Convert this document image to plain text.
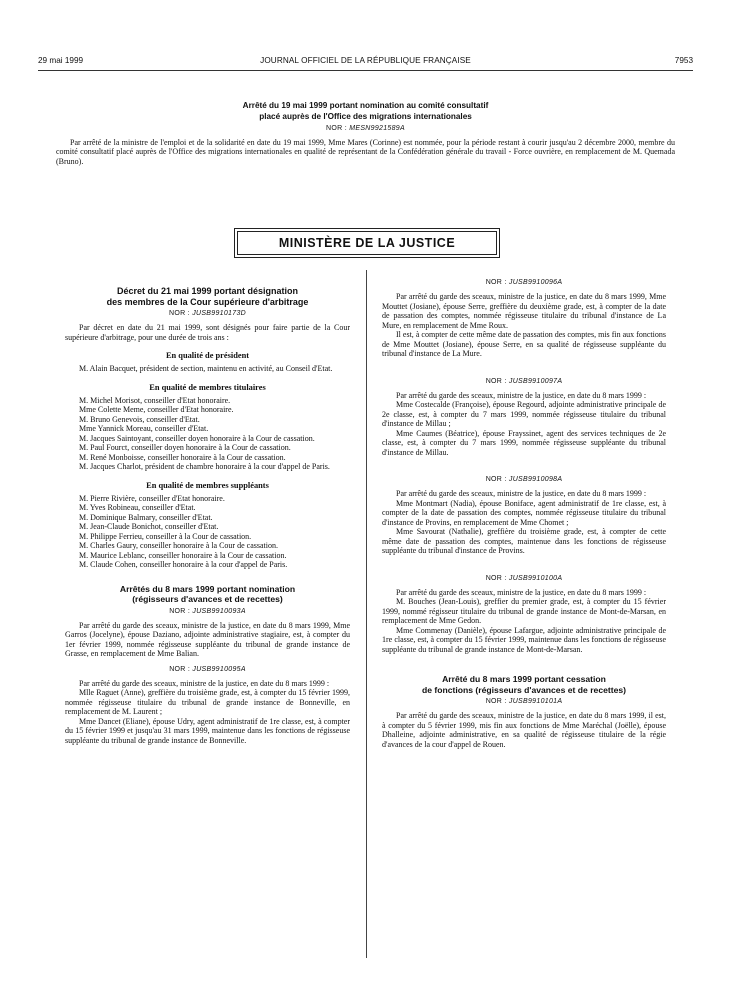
29 mai 1999	JOURNAL OFFICIEL DE LA RÉPUBLIQUE FRANÇAISE	7953

Arrêté du 19 mai 1999 portant nomination au comité consultatif

placé auprès de l'Office des migrations internationales

NOR : MESN9921589A

Par arrêté de la ministre de l'emploi et de la solidarité en date du 19 mai 1999, Mme Mares (Corinne) est nommée, pour la période restant à courir jusqu'au 2 décembre 2000, membre du comité consultatif placé auprès de l'Office des migrations internationales en qualité de représentant de la Confédération générale du travail - Force ouvrière, en remplacement de M. Quemada (Bruno).

MINISTÈRE DE LA JUSTICE

Décret du 21 mai 1999 portant désignation

des membres de la Cour supérieure d'arbitrage

NOR : JUSB9910173D

Par décret en date du 21 mai 1999, sont désignés pour faire partie de la Cour supérieure d'arbitrage, pour une durée de trois ans :

En qualité de président

M. Alain Bacquet, président de section, maintenu en activité, au Conseil d'Etat.

En qualité de membres titulaires

M. Michel Morisot, conseiller d'Etat honoraire.

Mme Colette Meme, conseiller d'Etat honoraire.

M. Bruno Genevois, conseiller d'Etat.

Mme Yannick Moreau, conseiller d'Etat.

M. Jacques Saintoyant, conseiller doyen honoraire à la Cour de cassation.

M. Paul Fourct, conseiller doyen honoraire à la Cour de cassation.

M. René Monboisse, conseiller honoraire à la Cour de cassation.

M. Jacques Charlot, président de chambre honoraire à la cour d'appel de Paris.

En qualité de membres suppléants

M. Pierre Rivière, conseiller d'Etat honoraire.

M. Yves Robineau, conseiller d'Etat.

M. Dominique Balmary, conseiller d'Etat.

M. Jean-Claude Bonichot, conseiller d'Etat.

M. Philippe Ferrieu, conseiller à la Cour de cassation.

M. Charles Gaury, conseiller honoraire à la Cour de cassation.

M. Maurice Leblanc, conseiller honoraire à la Cour de cassation.

M. Claude Cohen, conseiller honoraire à la cour d'appel de Paris.

Arrêtés du 8 mars 1999 portant nomination

(régisseurs d'avances et de recettes)

NOR : JUSB9910093A

Par arrêté du garde des sceaux, ministre de la justice, en date du 8 mars 1999, Mme Garros (Jocelyne), épouse Daziano, adjointe administrative stagiaire, est, à compter du 1er février 1999, nommée régisseuse suppléante du tribunal de grande instance de Grasse, en remplacement de Mme Balian.

NOR : JUSB9910095A

Par arrêté du garde des sceaux, ministre de la justice, en date du 8 mars 1999 :

Mlle Raguet (Anne), greffière du troisième grade, est, à compter du 15 février 1999, nommée régisseuse titulaire du tribunal de grande instance de Bonneville, en remplacement de M. Laurent ;

Mme Dancet (Eliane), épouse Udry, agent administratif de 1re classe, est, à compter du 15 février 1999 et jusqu'au 31 mars 1999, maintenue dans les fonctions de régisseuse suppléante du tribunal de grande instance de Bonneville.

NOR : JUSB9910096A

Par arrêté du garde des sceaux, ministre de la justice, en date du 8 mars 1999, Mme Mouttet (Josiane), épouse Serre, greffière du deuxième grade, est, à compter de la date de passation des comptes, nommée régisseuse titulaire du tribunal d'instance de La Mure, en remplacement de Mme Roux.

Il est, à compter de cette même date de passation des comptes, mis fin aux fonctions de Mme Mouttet (Josiane), épouse Serre, en sa qualité de régisseuse suppléante du tribunal d'instance de La Mure.

NOR : JUSB9910097A

Par arrêté du garde des sceaux, ministre de la justice, en date du 8 mars 1999 :

Mme Costecalde (Françoise), épouse Regourd, adjointe administrative principale de 2e classe, est, à compter du 7 mars 1999, nommée régisseuse titulaire du tribunal d'instance de Millau ;

Mme Caumes (Béatrice), épouse Frayssinet, agent des services techniques de 2e classe, est, à compter du 7 mars 1999, nommée régisseuse suppléante du tribunal d'instance de Millau.

NOR : JUSB9910098A

Par arrêté du garde des sceaux, ministre de la justice, en date du 8 mars 1999 :

Mme Montmart (Nadia), épouse Boniface, agent administratif de 1re classe, est, à compter de la date de passation des comptes, nommée régisseuse titulaire du tribunal d'instance de Provins, en remplacement de Mme Chomet ;

Mme Savourat (Nathalie), greffière du troisième grade, est, à compter de cette même date de passation des comptes, maintenue dans les fonctions de régisseuse suppléante du tribunal d'instance de Provins.

NOR : JUSB9910100A

Par arrêté du garde des sceaux, ministre de la justice, en date du 8 mars 1999 :

M. Bouches (Jean-Louis), greffier du premier grade, est, à compter du 15 février 1999, nommé régisseur titulaire du tribunal de grande instance de Mont-de-Marsan, en remplacement de Mme Gedon.

Mme Commenay (Danièle), épouse Lafargue, adjointe administrative principale de 1re classe, est, à compter du 15 février 1999, maintenue dans les fonctions de régisseuse suppléante du tribunal de grande instance de Mont-de-Marsan.

Arrêté du 8 mars 1999 portant cessation

de fonctions (régisseurs d'avances et de recettes)

NOR : JUSB9910101A

Par arrêté du garde des sceaux, ministre de la justice, en date du 8 mars 1999, il est, à compter du 5 février 1999, mis fin aux fonctions de Mme Maréchal (Joëlle), épouse Dhalleine, adjointe administrative, en sa qualité de régisseuse titulaire de la régie d'avances de la cour d'appel de Rouen.
